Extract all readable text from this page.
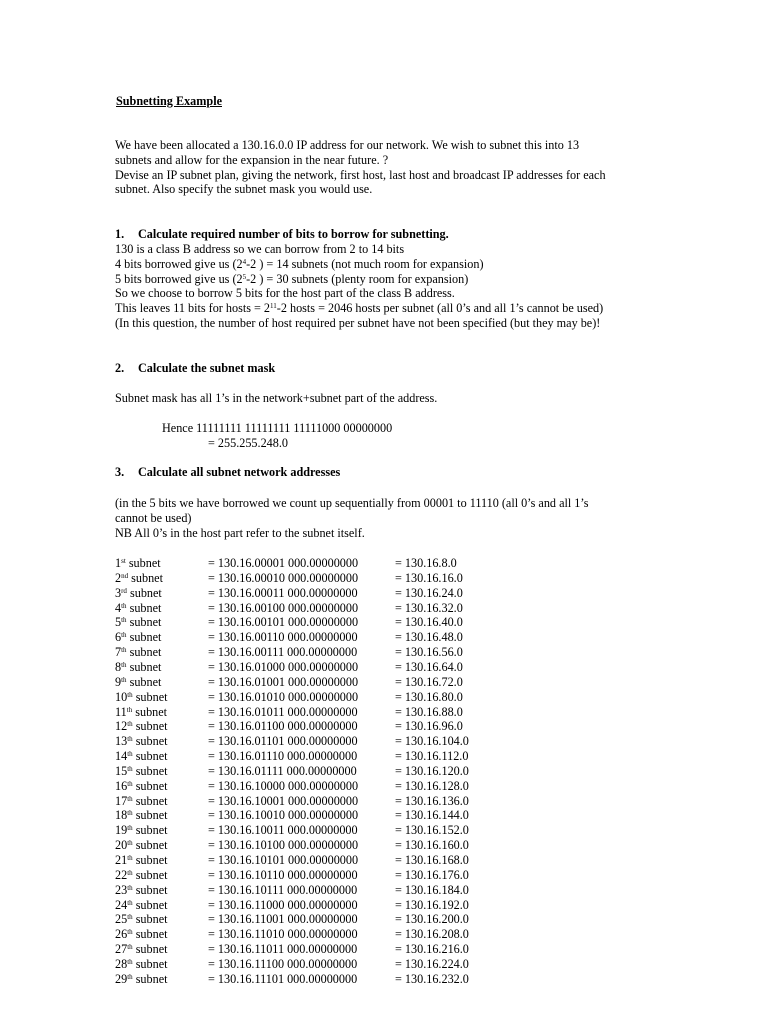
Subnetting Example
We have been allocated a 130.16.0.0 IP address for our network. We wish to subnet this into 13
subnets and allow for the expansion in the near future. ?
Devise an IP subnet plan, giving the network, first host, last host and broadcast IP addresses for each
subnet. Also specify the subnet mask you would use.
1. Calculate required number of bits to borrow for subnetting.
130 is a class B address so we can borrow from 2 to 14 bits
4 bits borrowed give us ($2^4-2$ ) = 14 subnets (not much room for expansion)
5 bits borrowed give us ($2^5-2$ ) = 30 subnets (plenty room for expansion)
So we choose to borrow 5 bits for the host part of the class B address.
This leaves 11 bits for hosts = $2^{11}-2$ hosts = 2046 hosts per subnet (all 0’s and all 1’s cannot be used)
(In this question, the number of host required per subnet have not been specified (but they may be)!
2. Calculate the subnet mask
Subnet mask has all 1’s in the network+subnet part of the address.
Hence 11111111 11111111 11111000 00000000
= 255.255.248.0
3. Calculate all subnet network addresses
(in the 5 bits we have borrowed we count up sequentially from 00001 to 11110 (all 0’s and all 1’s
cannot be used)
NB All 0’s in the host part refer to the subnet itself.
1st subnet	= 130.16.00001 000.00000000	= 130.16.8.0
2nd subnet	= 130.16.00010 000.00000000	= 130.16.16.0
3rd subnet	= 130.16.00011 000.00000000	= 130.16.24.0
4th subnet	= 130.16.00100 000.00000000	= 130.16.32.0
5th subnet	= 130.16.00101 000.00000000	= 130.16.40.0
6th subnet	= 130.16.00110 000.00000000	= 130.16.48.0
7th subnet	= 130.16.00111 000.00000000	= 130.16.56.0
8th subnet	= 130.16.01000 000.00000000	= 130.16.64.0
9th subnet	= 130.16.01001 000.00000000	= 130.16.72.0
10th subnet	= 130.16.01010 000.00000000	= 130.16.80.0
11th subnet	= 130.16.01011 000.00000000	= 130.16.88.0
12th subnet	= 130.16.01100 000.00000000	= 130.16.96.0
13th subnet	= 130.16.01101 000.00000000	= 130.16.104.0
14th subnet	= 130.16.01110 000.00000000	= 130.16.112.0
15th subnet	= 130.16.01111 000.00000000	= 130.16.120.0
16th subnet	= 130.16.10000 000.00000000	= 130.16.128.0
17th subnet	= 130.16.10001 000.00000000	= 130.16.136.0
18th subnet	= 130.16.10010 000.00000000	= 130.16.144.0
19th subnet	= 130.16.10011 000.00000000	= 130.16.152.0
20th subnet	= 130.16.10100 000.00000000	= 130.16.160.0
21th subnet	= 130.16.10101 000.00000000	= 130.16.168.0
22th subnet	= 130.16.10110 000.00000000	= 130.16.176.0
23th subnet	= 130.16.10111 000.00000000	= 130.16.184.0
24th subnet	= 130.16.11000 000.00000000	= 130.16.192.0
25th subnet	= 130.16.11001 000.00000000	= 130.16.200.0
26th subnet	= 130.16.11010 000.00000000	= 130.16.208.0
27th subnet	= 130.16.11011 000.00000000	= 130.16.216.0
28th subnet	= 130.16.11100 000.00000000	= 130.16.224.0
29th subnet	= 130.16.11101 000.00000000	= 130.16.232.0
